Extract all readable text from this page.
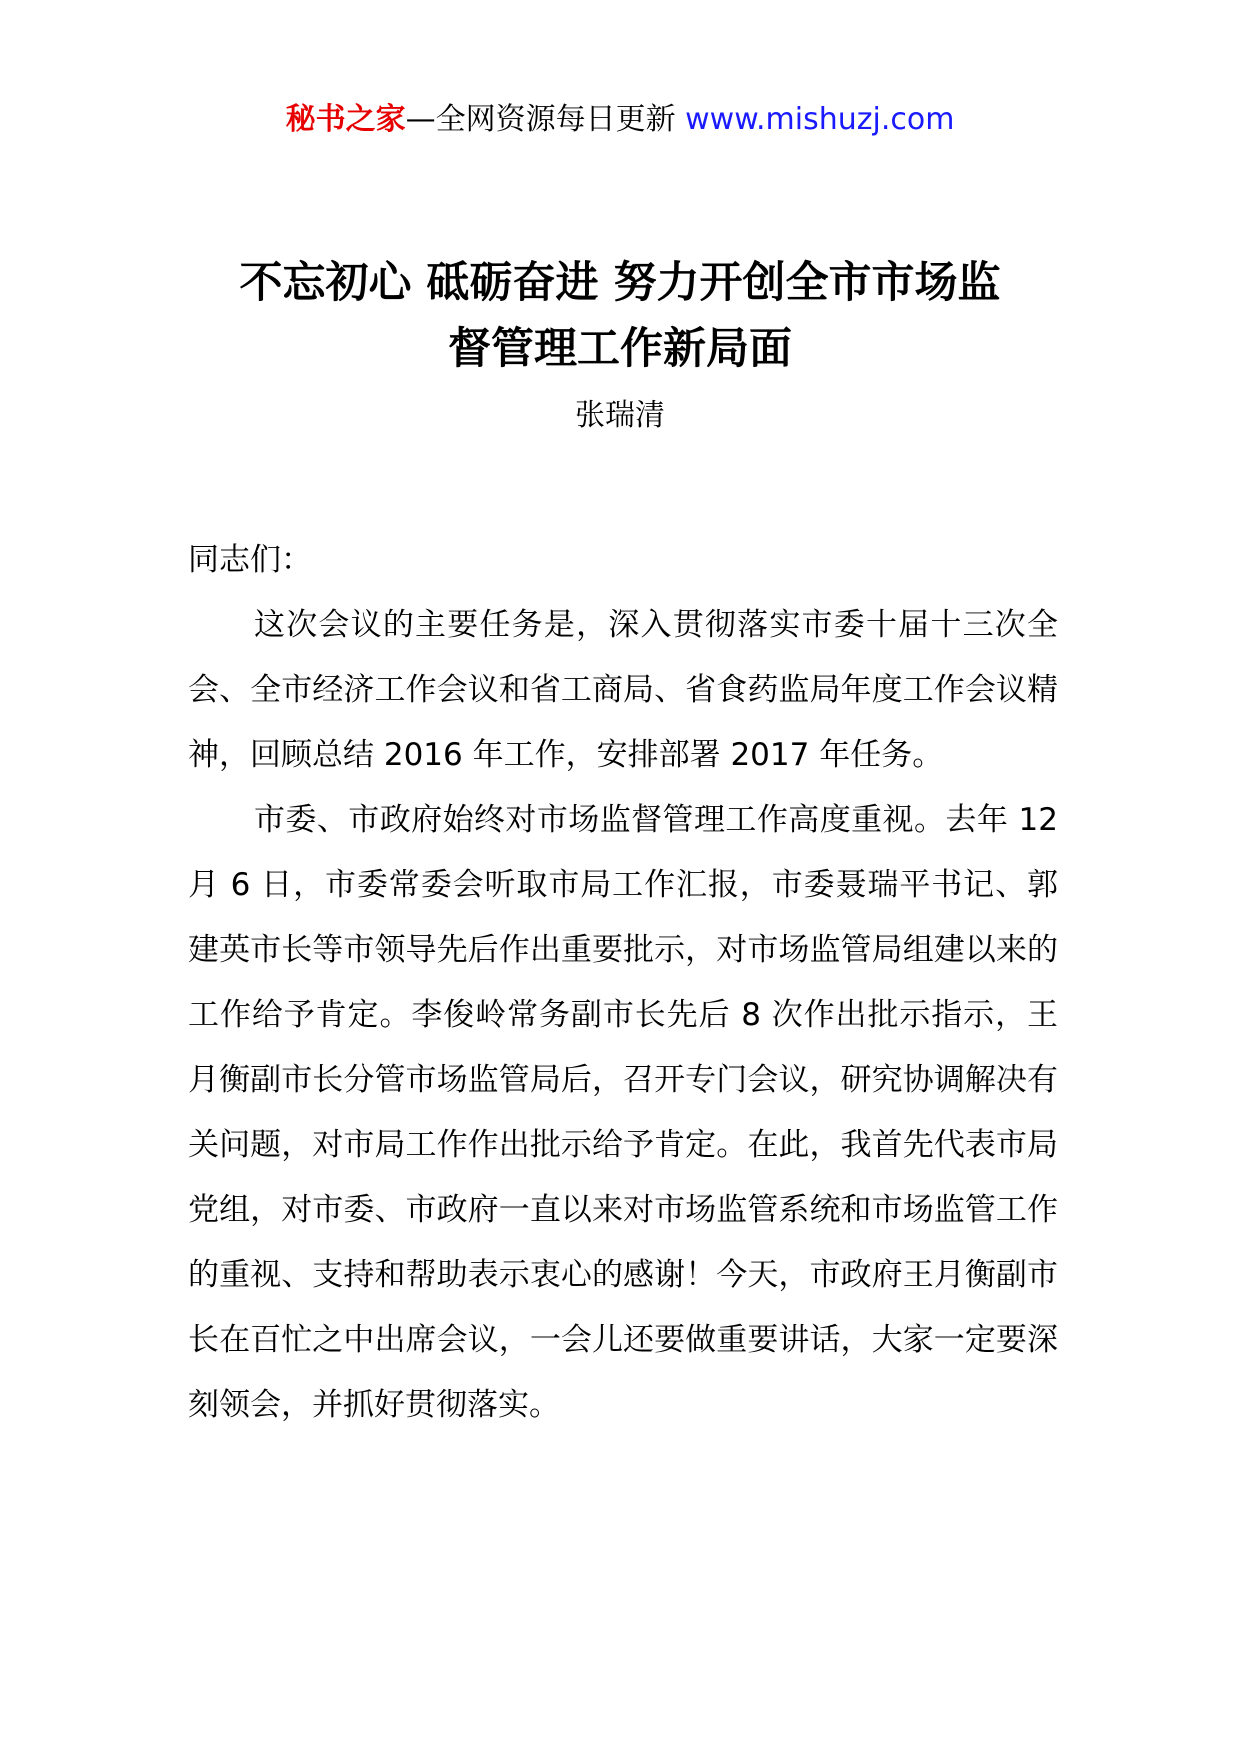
秘书之家—全网资源每日更新 www.mishuzj.com
不忘初心 砥砺奋进 努力开创全市市场监
督管理工作新局面
张瑞清

同志们：

这次会议的主要任务是，深入贯彻落实市委十届十三次全会、全市经济工作会议和省工商局、省食药监局年度工作会议精神，回顾总结 2016 年工作，安排部署 2017 年任务。

市委、市政府始终对市场监督管理工作高度重视。去年 12 月 6 日，市委常委会听取市局工作汇报，市委聂瑞平书记、郭建英市长等市领导先后作出重要批示，对市场监管局组建以来的工作给予肯定。李俊岭常务副市长先后 8 次作出批示指示，王月衡副市长分管市场监管局后，召开专门会议，研究协调解决有关问题，对市局工作作出批示给予肯定。在此，我首先代表市局党组，对市委、市政府一直以来对市场监管系统和市场监管工作的重视、支持和帮助表示衷心的感谢！今天，市政府王月衡副市长在百忙之中出席会议，一会儿还要做重要讲话，大家一定要深刻领会，并抓好贯彻落实。
